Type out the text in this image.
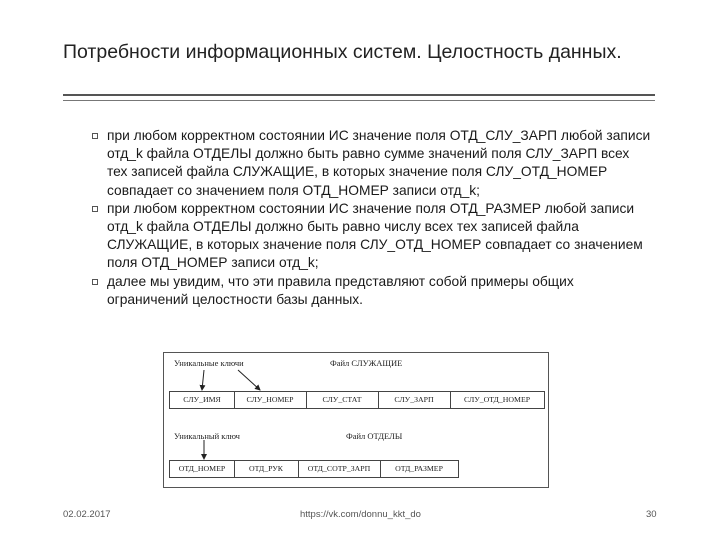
Потребности информационных систем. Целостность данных.
при любом корректном состоянии ИС значение поля ОТД_СЛУ_ЗАРП любой записи отд_k файла ОТДЕЛЫ должно быть равно сумме значений поля СЛУ_ЗАРП всех тех записей файла СЛУЖАЩИЕ, в которых значение поля СЛУ_ОТД_НОМЕР совпадает со значением поля ОТД_НОМЕР записи отд_k;
при любом корректном состоянии ИС значение поля ОТД_РАЗМЕР любой записи отд_k файла ОТДЕЛЫ должно быть равно числу всех тех записей файла СЛУЖАЩИЕ, в которых значение поля СЛУ_ОТД_НОМЕР совпадает со значением поля ОТД_НОМЕР записи отд_k;
далее мы увидим, что эти правила представляют собой примеры общих ограничений целостности базы данных.
Уникальные ключи	Файл СЛУЖАЩИЕ
СЛУ_ИМЯ	СЛУ_НОМЕР	СЛУ_СТАТ	СЛУ_ЗАРП	СЛУ_ОТД_НОМЕР
Уникальный ключ	Файл ОТДЕЛЫ
ОТД_НОМЕР	ОТД_РУК	ОТД_СОТР_ЗАРП	ОТД_РАЗМЕР
02.02.2017	https://vk.com/donnu_kkt_do	30
